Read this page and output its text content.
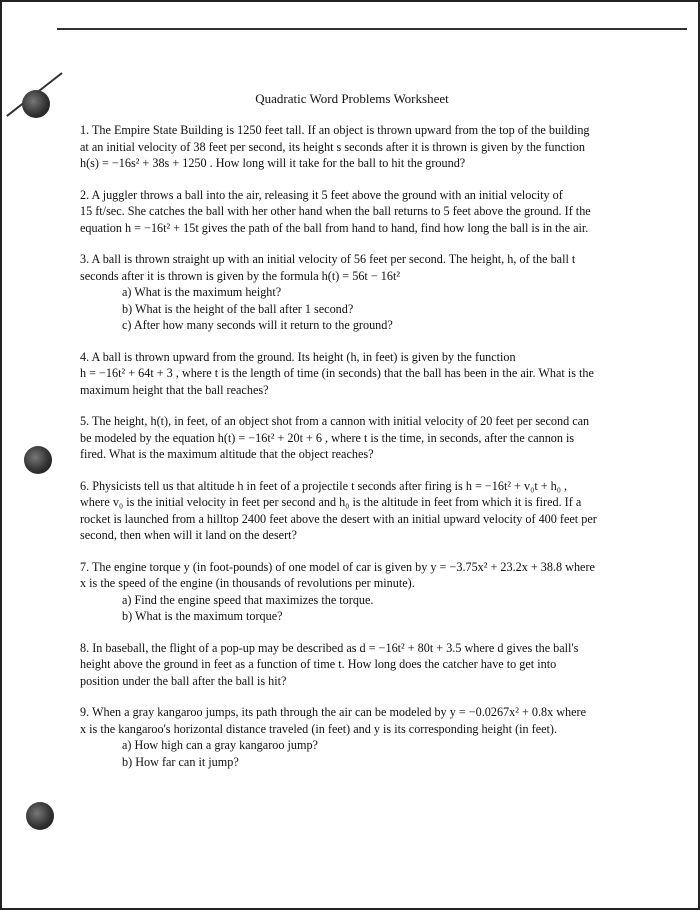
Quadratic Word Problems Worksheet

1. The Empire State Building is 1250 feet tall. If an object is thrown upward from the top of the building
at an initial velocity of 38 feet per second, its height s seconds after it is thrown is given by the function
h(s) = −16s² + 38s + 1250 . How long will it take for the ball to hit the ground?

2. A juggler throws a ball into the air, releasing it 5 feet above the ground with an initial velocity of
15 ft/sec. She catches the ball with her other hand when the ball returns to 5 feet above the ground. If the
equation h = −16t² + 15t gives the path of the ball from hand to hand, find how long the ball is in the air.

3. A ball is thrown straight up with an initial velocity of 56 feet per second. The height, h, of the ball t
seconds after it is thrown is given by the formula h(t) = 56t − 16t²

a) What is the maximum height?
b) What is the height of the ball after 1 second?
c) After how many seconds will it return to the ground?

4. A ball is thrown upward from the ground. Its height (h, in feet) is given by the function
h = −16t² + 64t + 3 , where t is the length of time (in seconds) that the ball has been in the air. What is the
maximum height that the ball reaches?

5. The height, h(t), in feet, of an object shot from a cannon with initial velocity of 20 feet per second can
be modeled by the equation h(t) = −16t² + 20t + 6 , where t is the time, in seconds, after the cannon is
fired. What is the maximum altitude that the object reaches?

6. Physicists tell us that altitude h in feet of a projectile t seconds after firing is h = −16t² + v₀t + h₀ ,
where v₀ is the initial velocity in feet per second and h₀ is the altitude in feet from which it is fired. If a
rocket is launched from a hilltop 2400 feet above the desert with an initial upward velocity of 400 feet per
second, then when will it land on the desert?

7. The engine torque y (in foot-pounds) of one model of car is given by y = −3.75x² + 23.2x + 38.8 where
x is the speed of the engine (in thousands of revolutions per minute).

a) Find the engine speed that maximizes the torque.
b) What is the maximum torque?

8. In baseball, the flight of a pop-up may be described as d = −16t² + 80t + 3.5 where d gives the ball's
height above the ground in feet as a function of time t. How long does the catcher have to get into
position under the ball after the ball is hit?

9. When a gray kangaroo jumps, its path through the air can be modeled by y = −0.0267x² + 0.8x where
x is the kangaroo's horizontal distance traveled (in feet) and y is its corresponding height (in feet).

a) How high can a gray kangaroo jump?
b) How far can it jump?
